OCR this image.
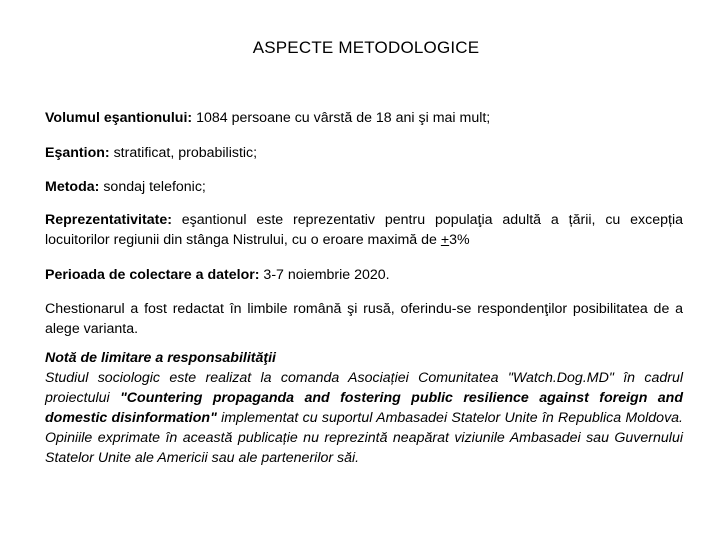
ASPECTE METODOLOGICE

Volumul eşantionului: 1084 persoane cu vârstă de 18 ani şi mai mult;

Eşantion: stratificat, probabilistic;

Metoda: sondaj telefonic;

Reprezentativitate: eşantionul este reprezentativ pentru populaţia adultă a țării, cu excepția locuitorilor regiunii din stânga Nistrului, cu o eroare maximă de +3%

Perioada de colectare a datelor: 3-7 noiembrie 2020.

Chestionarul a fost redactat în limbile română şi rusă, oferindu-se respondenţilor posibilitatea de a alege varianta.

Notă de limitare a responsabilităţii

Studiul sociologic este realizat la comanda Asociației Comunitatea "Watch.Dog.MD" în cadrul proiectului "Countering propaganda and fostering public resilience against foreign and domestic disinformation" implementat cu suportul Ambasadei Statelor Unite în Republica Moldova. Opiniile exprimate în această publicație nu reprezintă neapărat viziunile Ambasadei sau Guvernului Statelor Unite ale Americii sau ale partenerilor săi.
